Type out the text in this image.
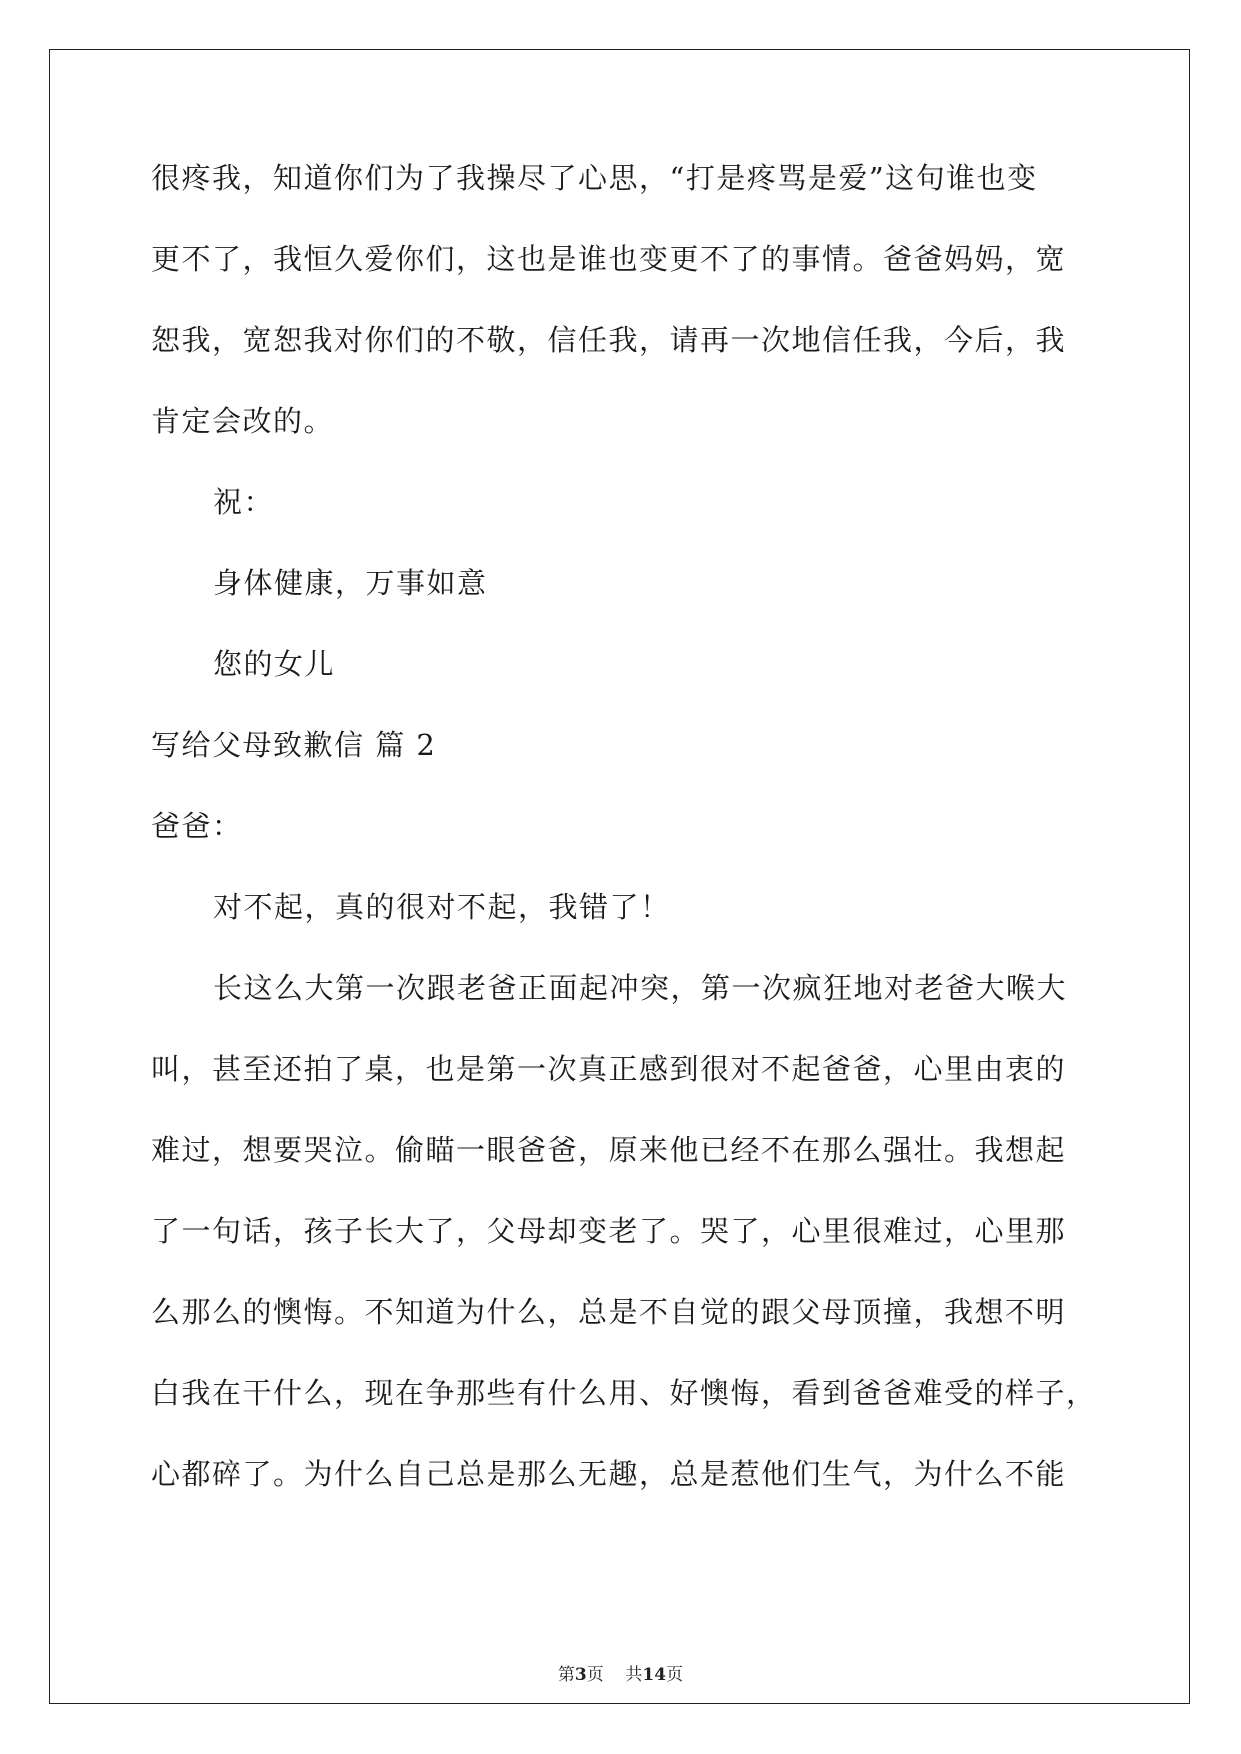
很疼我，知道你们为了我操尽了心思，“打是疼骂是爱”这句谁也变
更不了，我恒久爱你们，这也是谁也变更不了的事情。爸爸妈妈，宽
恕我，宽恕我对你们的不敬，信任我，请再一次地信任我，今后，我
肯定会改的。
祝：
身体健康，万事如意
您的女儿
写给父母致歉信 篇 2
爸爸：
对不起，真的很对不起，我错了！
长这么大第一次跟老爸正面起冲突，第一次疯狂地对老爸大喉大
叫，甚至还拍了桌，也是第一次真正感到很对不起爸爸，心里由衷的
难过，想要哭泣。偷瞄一眼爸爸，原来他已经不在那么强壮。我想起
了一句话，孩子长大了，父母却变老了。哭了，心里很难过，心里那
么那么的懊悔。不知道为什么，总是不自觉的跟父母顶撞，我想不明
白我在干什么，现在争那些有什么用、好懊悔，看到爸爸难受的样子，
心都碎了。为什么自己总是那么无趣，总是惹他们生气，为什么不能
第3页 共14页
